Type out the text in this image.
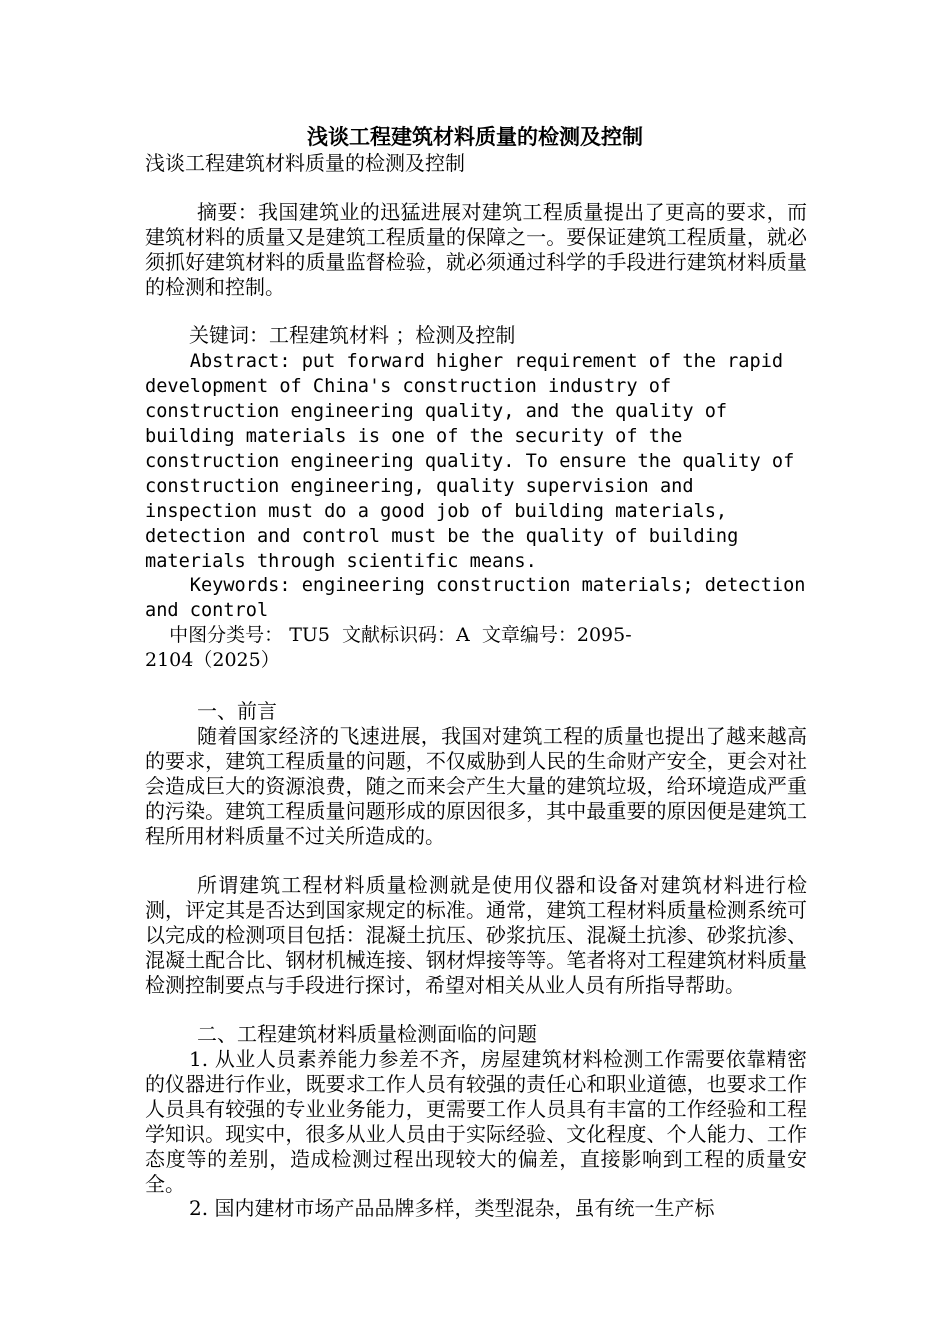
浅谈工程建筑材料质量的检测及控制

浅谈工程建筑材料质量的检测及控制

摘要：我国建筑业的迅猛进展对建筑工程质量提出了更高的要求，而建筑材料的质量又是建筑工程质量的保障之一。要保证建筑工程质量，就必须抓好建筑材料的质量监督检验，就必须通过科学的手段进行建筑材料质量的检测和控制。

关键词：工程建筑材料 ；检测及控制

Abstract: put forward higher requirement of the rapid
development of China's construction industry of
construction engineering quality, and the quality of
building materials is one of the security of the
construction engineering quality. To ensure the quality of
construction engineering, quality supervision and
inspection must do a good job of building materials,
detection and control must be the quality of building
materials through scientific means.

Keywords: engineering construction materials; detection
and control

中图分类号： TU5  文献标识码：A  文章编号：2095-
2104（2025）

一、前言

随着国家经济的飞速进展，我国对建筑工程的质量也提出了越来越高的要求，建筑工程质量的问题，不仅威胁到人民的生命财产安全，更会对社会造成巨大的资源浪费，随之而来会产生大量的建筑垃圾，给环境造成严重的污染。建筑工程质量问题形成的原因很多，其中最重要的原因便是建筑工程所用材料质量不过关所造成的。

所谓建筑工程材料质量检测就是使用仪器和设备对建筑材料进行检测，评定其是否达到国家规定的标准。通常，建筑工程材料质量检测系统可以完成的检测项目包括：混凝土抗压、砂浆抗压、混凝土抗渗、砂浆抗渗、混凝土配合比、钢材机械连接、钢材焊接等等。笔者将对工程建筑材料质量检测控制要点与手段进行探讨，希望对相关从业人员有所指导帮助。

二、工程建筑材料质量检测面临的问题

1. 从业人员素养能力参差不齐，房屋建筑材料检测工作需要依靠精密的仪器进行作业，既要求工作人员有较强的责任心和职业道德，也要求工作人员具有较强的专业业务能力，更需要工作人员具有丰富的工作经验和工程学知识。现实中，很多从业人员由于实际经验、文化程度、个人能力、工作态度等的差别，造成检测过程出现较大的偏差，直接影响到工程的质量安全。

2. 国内建材市场产品品牌多样，类型混杂，虽有统一生产标
